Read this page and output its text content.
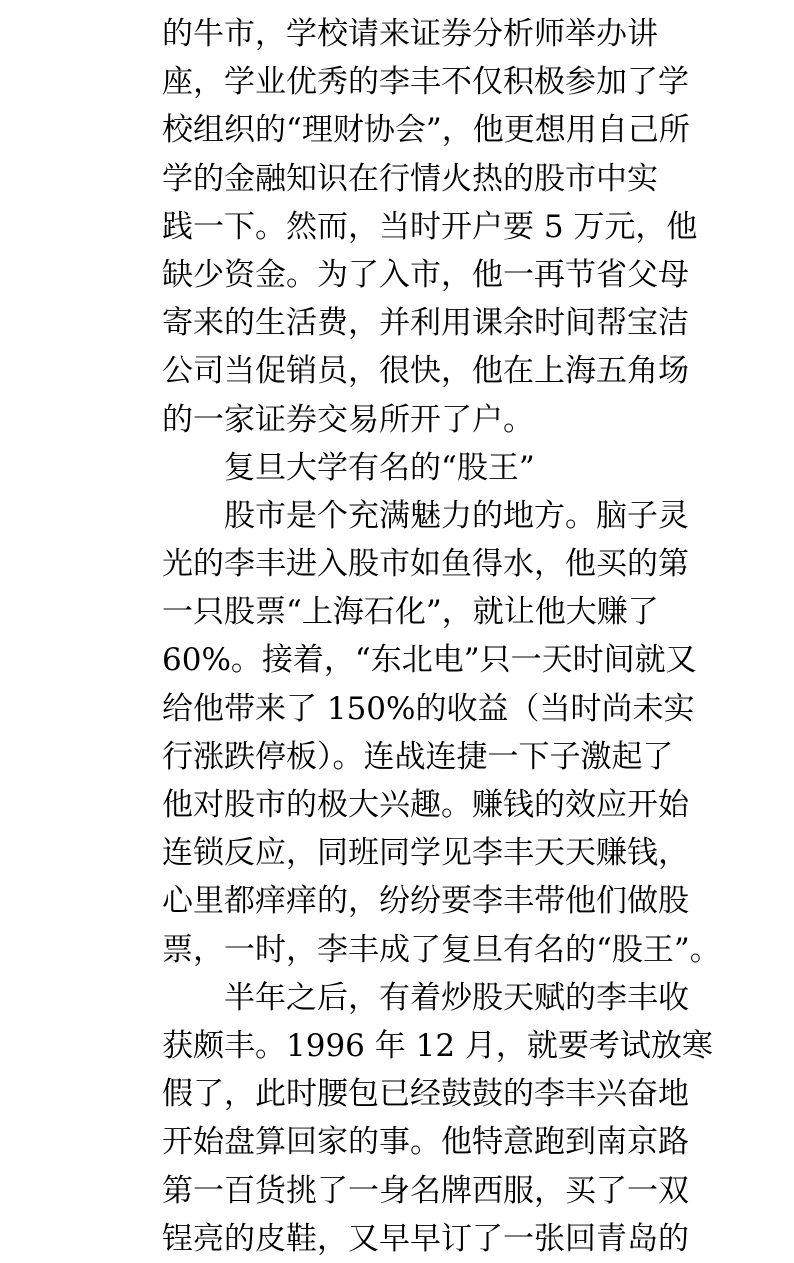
的牛市，学校请来证券分析师举办讲
座，学业优秀的李丰不仅积极参加了学
校组织的“理财协会”，他更想用自己所
学的金融知识在行情火热的股市中实
践一下。然而，当时开户要 5 万元，他
缺少资金。为了入市，他一再节省父母
寄来的生活费，并利用课余时间帮宝洁
公司当促销员，很快，他在上海五角场
的一家证券交易所开了户。
复旦大学有名的“股王”
股市是个充满魅力的地方。脑子灵
光的李丰进入股市如鱼得水，他买的第
一只股票“上海石化”，就让他大赚了
60%。接着，“东北电”只一天时间就又
给他带来了 150%的收益（当时尚未实
行涨跌停板）。连战连捷一下子激起了
他对股市的极大兴趣。赚钱的效应开始
连锁反应，同班同学见李丰天天赚钱，
心里都痒痒的，纷纷要李丰带他们做股
票，一时，李丰成了复旦有名的“股王”。
半年之后，有着炒股天赋的李丰收
获颇丰。1996 年 12 月，就要考试放寒
假了，此时腰包已经鼓鼓的李丰兴奋地
开始盘算回家的事。他特意跑到南京路
第一百货挑了一身名牌西服，买了一双
锃亮的皮鞋，又早早订了一张回青岛的
